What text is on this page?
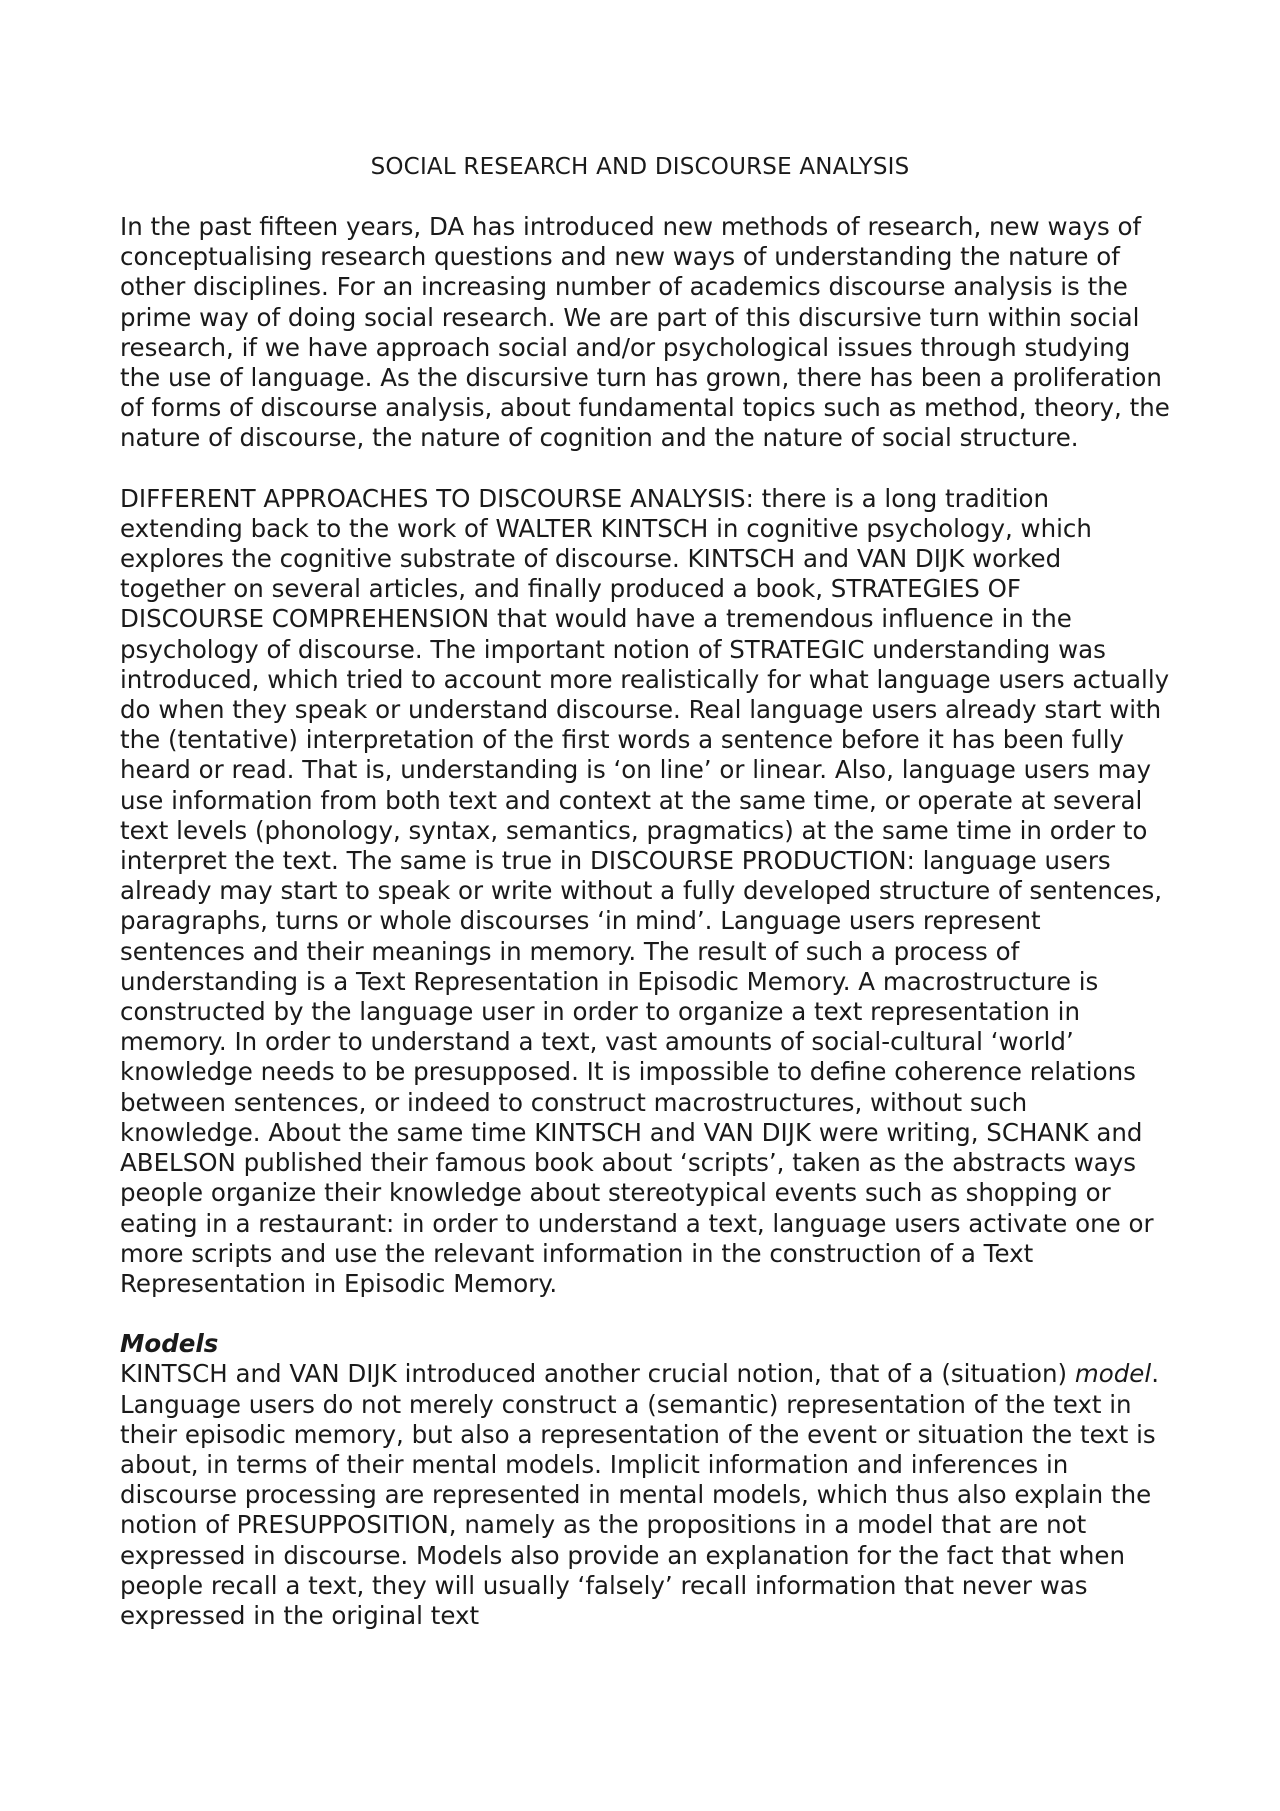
SOCIAL RESEARCH AND DISCOURSE ANALYSIS

In the past fifteen years, DA has introduced new methods of research, new ways of conceptualising research questions and new ways of understanding the nature of other disciplines. For an increasing number of academics discourse analysis is the prime way of doing social research. We are part of this discursive turn within social research, if we have approach social and/or psychological issues through studying the use of language. As the discursive turn has grown, there has been a proliferation of forms of discourse analysis, about fundamental topics such as method, theory, the nature of discourse, the nature of cognition and the nature of social structure.

DIFFERENT APPROACHES TO DISCOURSE ANALYSIS: there is a long tradition extending back to the work of WALTER KINTSCH in cognitive psychology, which explores the cognitive substrate of discourse. KINTSCH and VAN DIJK worked together on several articles, and finally produced a book, STRATEGIES OF DISCOURSE COMPREHENSION that would have a tremendous influence in the psychology of discourse. The important notion of STRATEGIC understanding was introduced, which tried to account more realistically for what language users actually do when they speak or understand discourse. Real language users already start with the (tentative) interpretation of the first words a sentence before it has been fully heard or read. That is, understanding is ‘on line’ or linear. Also, language users may use information from both text and context at the same time, or operate at several text levels (phonology, syntax, semantics, pragmatics) at the same time in order to interpret the text. The same is true in DISCOURSE PRODUCTION: language users already may start to speak or write without a fully developed structure of sentences, paragraphs, turns or whole discourses ‘in mind’. Language users represent sentences and their meanings in memory. The result of such a process of understanding is a Text Representation in Episodic Memory. A macrostructure is constructed by the language user in order to organize a text representation in memory. In order to understand a text, vast amounts of social-cultural ‘world’ knowledge needs to be presupposed. It is impossible to define coherence relations between sentences, or indeed to construct macrostructures, without such knowledge. About the same time KINTSCH and VAN DIJK were writing, SCHANK and ABELSON published their famous book about ‘scripts’, taken as the abstracts ways people organize their knowledge about stereotypical events such as shopping or eating in a restaurant: in order to understand a text, language users activate one or more scripts and use the relevant information in the construction of a Text Representation in Episodic Memory.

Models

KINTSCH and VAN DIJK introduced another crucial notion, that of a (situation) model. Language users do not merely construct a (semantic) representation of the text in their episodic memory, but also a representation of the event or situation the text is about, in terms of their mental models. Implicit information and inferences in discourse processing are represented in mental models, which thus also explain the notion of PRESUPPOSITION, namely as the propositions in a model that are not expressed in discourse. Models also provide an explanation for the fact that when people recall a text, they will usually ‘falsely’ recall information that never was expressed in the original text
